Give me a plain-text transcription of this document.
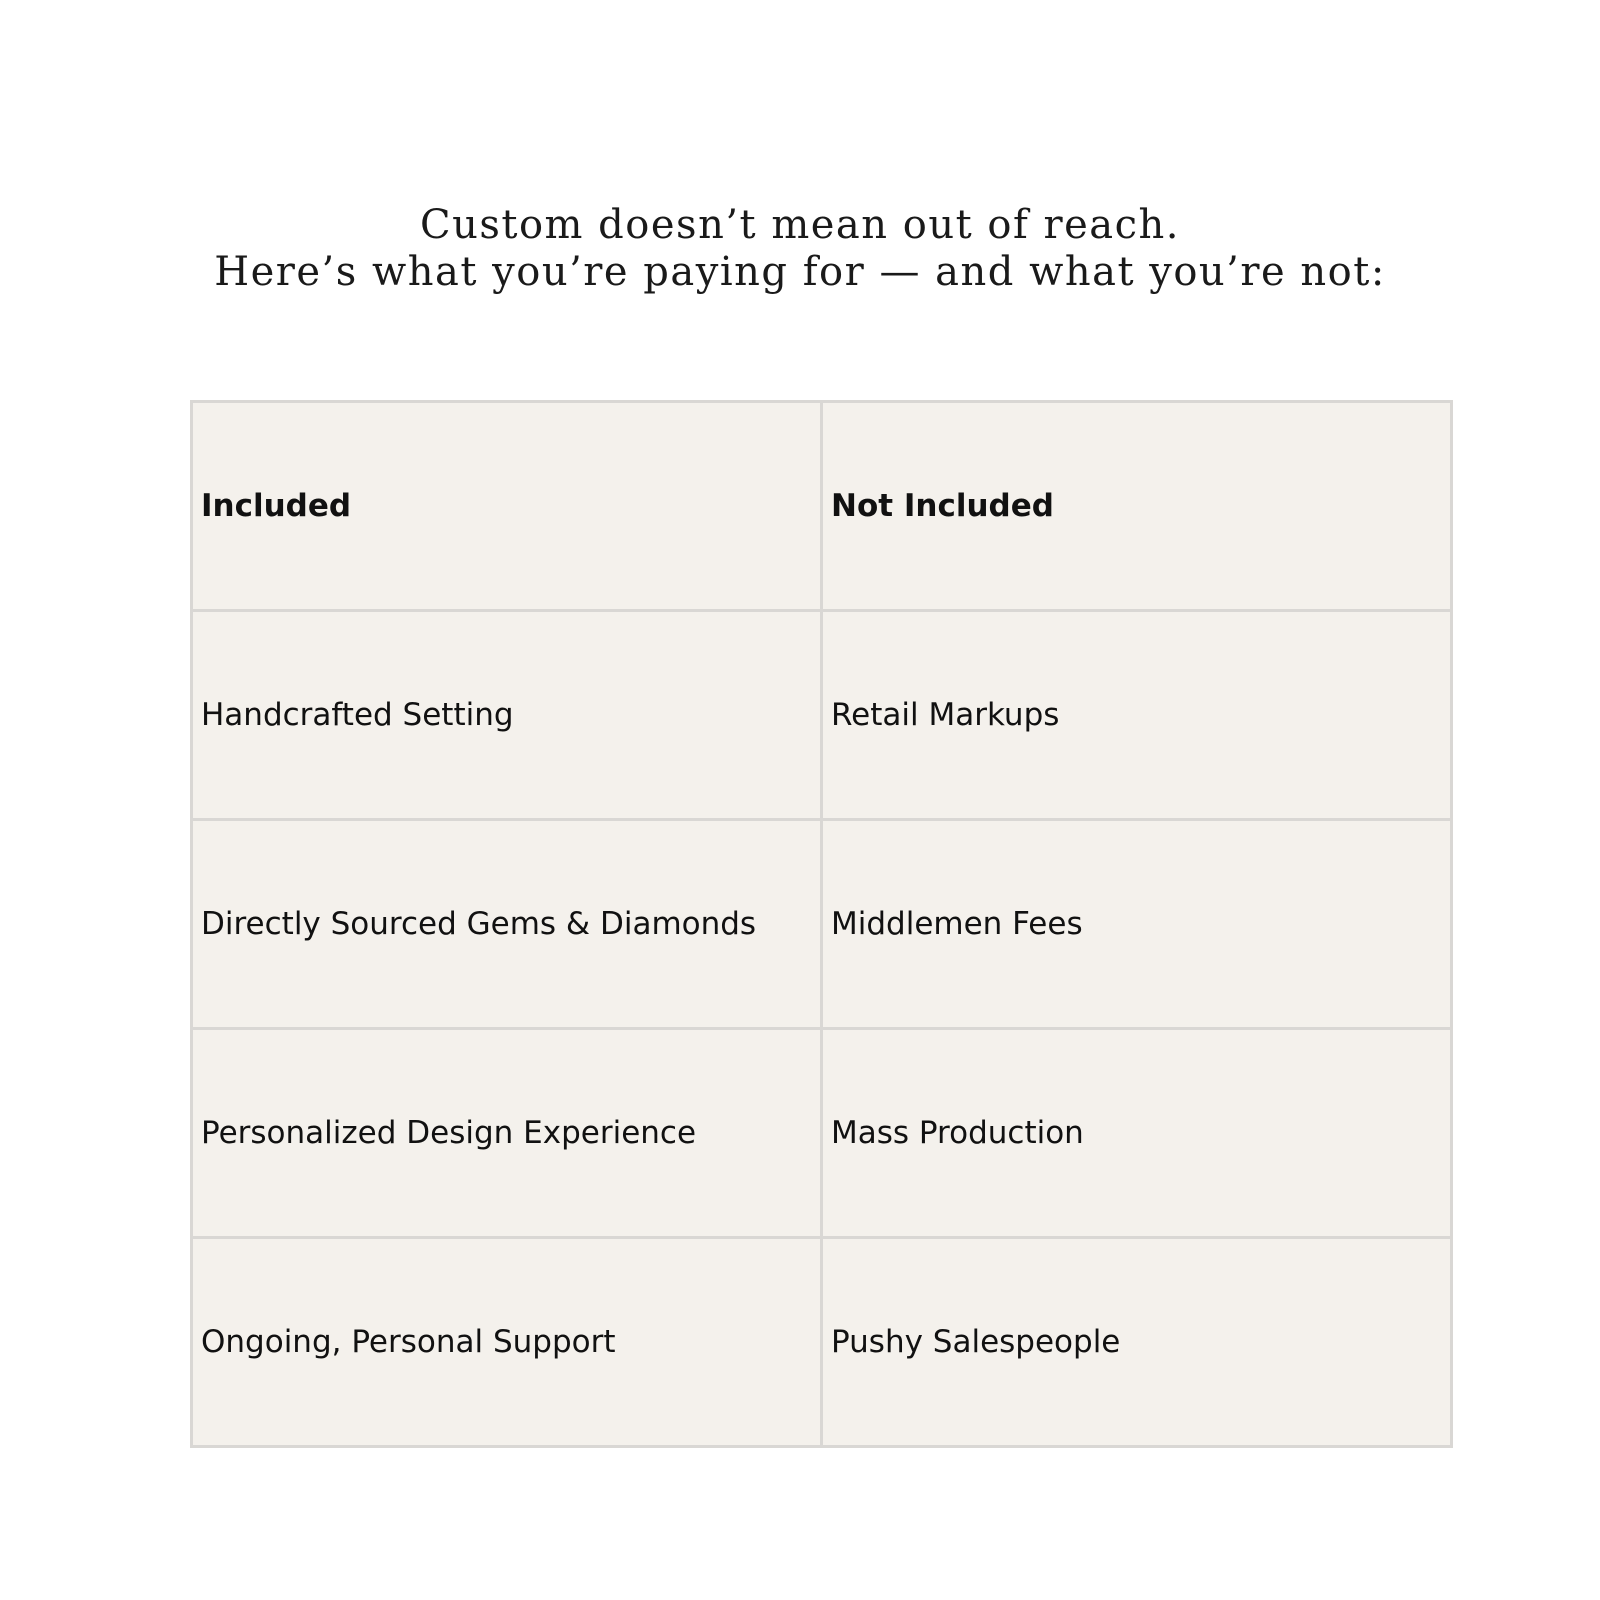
Custom doesn’t mean out of reach.
Here’s what you’re paying for — and what you’re not:
Included	Not Included
Handcrafted Setting	Retail Markups
Directly Sourced Gems & Diamonds	Middlemen Fees
Personalized Design Experience	Mass Production
Ongoing, Personal Support	Pushy Salespeople
